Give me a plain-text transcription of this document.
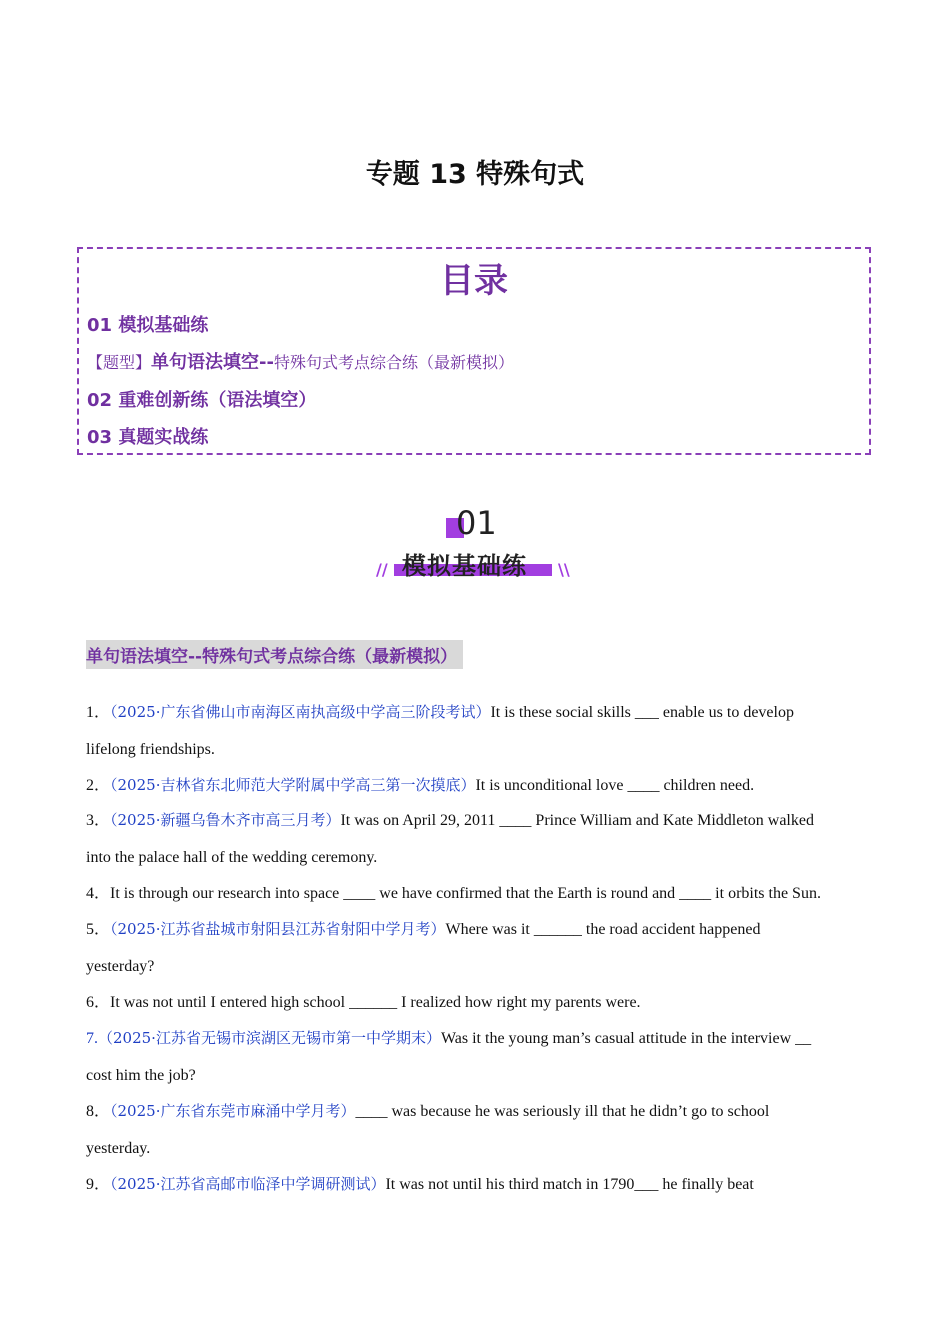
专题 13 特殊句式
目录
01 模拟基础练
【题型】单句语法填空--特殊句式考点综合练（最新模拟）
02 重难创新练（语法填空）
03 真题实战练
01
模拟基础练
//	\\
单句语法填空--特殊句式考点综合练（最新模拟）
1．（2025·广东省佛山市南海区南执高级中学高三阶段考试）It is these social skills ___ enable us to develop
lifelong friendships.
2．（2025·吉林省东北师范大学附属中学高三第一次摸底）It is unconditional love ____ children need.
3．（2025·新疆乌鲁木齐市高三月考）It was on April 29, 2011 ____ Prince William and Kate Middleton walked
into the palace hall of the wedding ceremony.
4．It is through our research into space ____ we have confirmed that the Earth is round and ____ it orbits the Sun.
5．（2025·江苏省盐城市射阳县江苏省射阳中学月考）Where was it ______ the road accident happened
yesterday?
6．It was not until I entered high school ______ I realized how right my parents were.
7.（2025·江苏省无锡市滨湖区无锡市第一中学期末）Was it the young man’s casual attitude in the interview __
cost him the job?
8．（2025·广东省东莞市麻涌中学月考）____ was because he was seriously ill that he didn’t go to school
yesterday.
9．（2025·江苏省高邮市临泽中学调研测试）It was not until his third match in 1790___ he finally beat
